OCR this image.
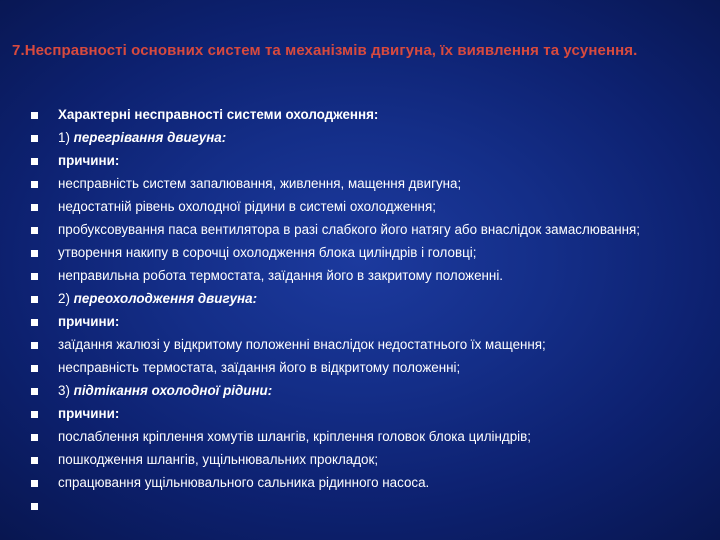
7.Несправності основних систем та механізмів двигуна, їх виявлення та усунення.
Характерні несправності системи охолодження:
1) перегрівання двигуна:
причини:
несправність систем запалювання, живлення, мащення двигуна;
недостатній рівень охолодної рідини в системі охолодження;
пробуксовування паса вентилятора в разі слабкого його натягу або внаслідок замаслювання;
утворення накипу в сорочці охолодження блока циліндрів і головці;
неправильна робота термостата, заїдання його в закритому положенні.
2) переохолодження двигуна:
причини:
заїдання жалюзі у відкритому положенні внаслідок недостатнього їх мащення;
несправність термостата, заїдання його в відкритому положенні;
3) підтікання охолодної рідини:
причини:
послаблення кріплення хомутів шлангів, кріплення головок блока циліндрів;
пошкодження шлангів, ущільнювальних прокладок;
спрацювання ущільнювального сальника рідинного насоса.
